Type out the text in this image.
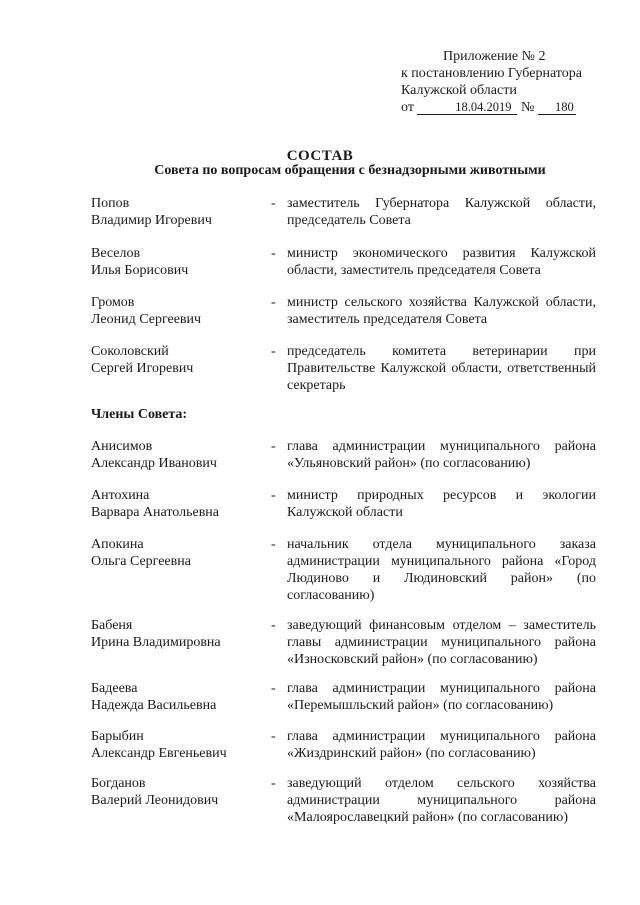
Приложение № 2
к постановлению Губернатора
Калужской области
от	18.04.2019 № 180
СОСТАВ
Совета по вопросам обращения с безнадзорными животными
Попов
Владимир Игоревич
- заместитель Губернатора Калужской области, председатель Совета
Веселов
Илья Борисович
- министр экономического развития Калужской области, заместитель председателя Совета
Громов
Леонид Сергеевич
- министр сельского хозяйства Калужской области, заместитель председателя Совета
Соколовский
Сергей Игоревич
- председатель комитета ветеринарии при Правительстве Калужской области, ответственный секретарь
Члены Совета:
Анисимов
Александр Иванович
- глава администрации муниципального района «Ульяновский район» (по согласованию)
Антохина
Варвара Анатольевна
- министр природных ресурсов и экологии Калужской области
Апокина
Ольга Сергеевна
- начальник отдела муниципального заказа администрации муниципального района «Город Людиново и Людиновский район» (по согласованию)
Бабеня
Ирина Владимировна
- заведующий финансовым отделом – заместитель главы администрации муниципального района «Износковский район» (по согласованию)
Бадеева
Надежда Васильевна
- глава администрации муниципального района «Перемышльский район» (по согласованию)
Барыбин
Александр Евгеньевич
- глава администрации муниципального района «Жиздринский район» (по согласованию)
Богданов
Валерий Леонидович
- заведующий отделом сельского хозяйства администрации муниципального района «Малоярославецкий район» (по согласованию)
